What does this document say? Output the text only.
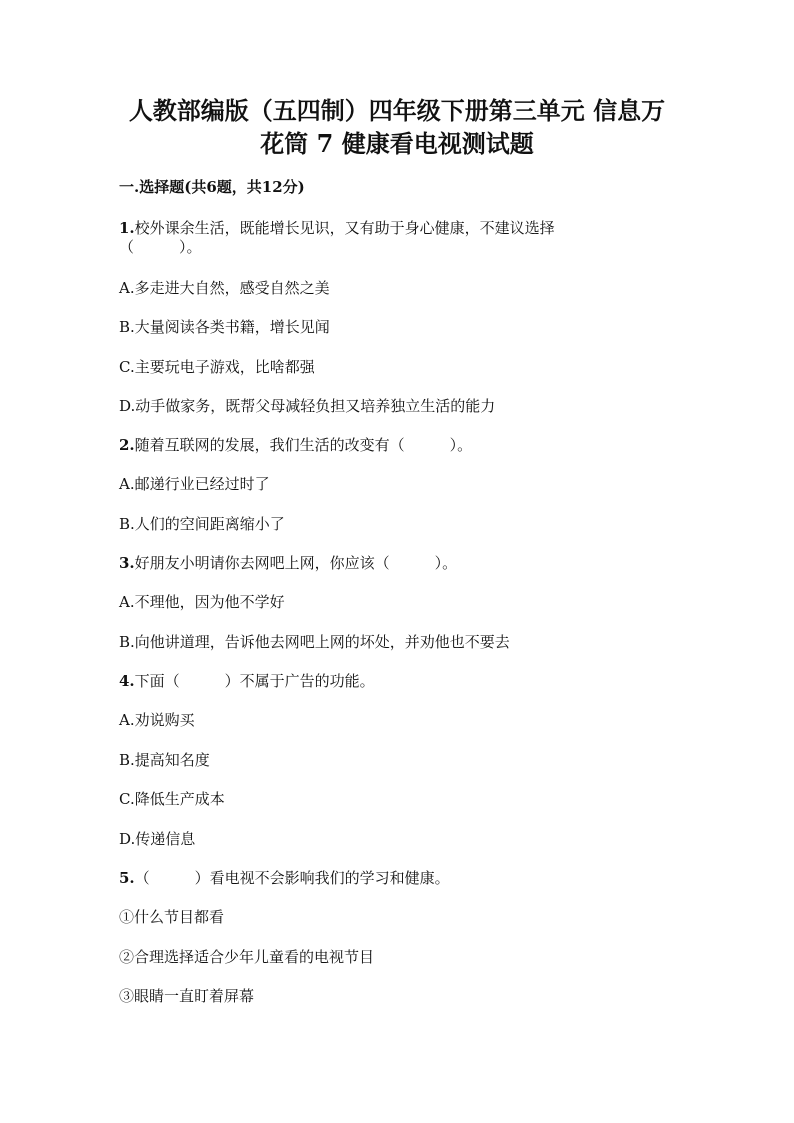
人教部编版（五四制）四年级下册第三单元 信息万
花筒 7 健康看电视测试题
一.选择题(共6题，共12分)
1.校外课余生活，既能增长见识，又有助于身心健康，不建议选择
（　　　）。
A.多走进大自然，感受自然之美
B.大量阅读各类书籍，增长见闻
C.主要玩电子游戏，比啥都强
D.动手做家务，既帮父母减轻负担又培养独立生活的能力
2.随着互联网的发展，我们生活的改变有（　　　）。
A.邮递行业已经过时了
B.人们的空间距离缩小了
3.好朋友小明请你去网吧上网，你应该（　　　）。
A.不理他，因为他不学好
B.向他讲道理，告诉他去网吧上网的坏处，并劝他也不要去
4.下面（　　　）不属于广告的功能。
A.劝说购买
B.提高知名度
C.降低生产成本
D.传递信息
5.（　　　）看电视不会影响我们的学习和健康。
①什么节目都看
②合理选择适合少年儿童看的电视节目
③眼睛一直盯着屏幕
